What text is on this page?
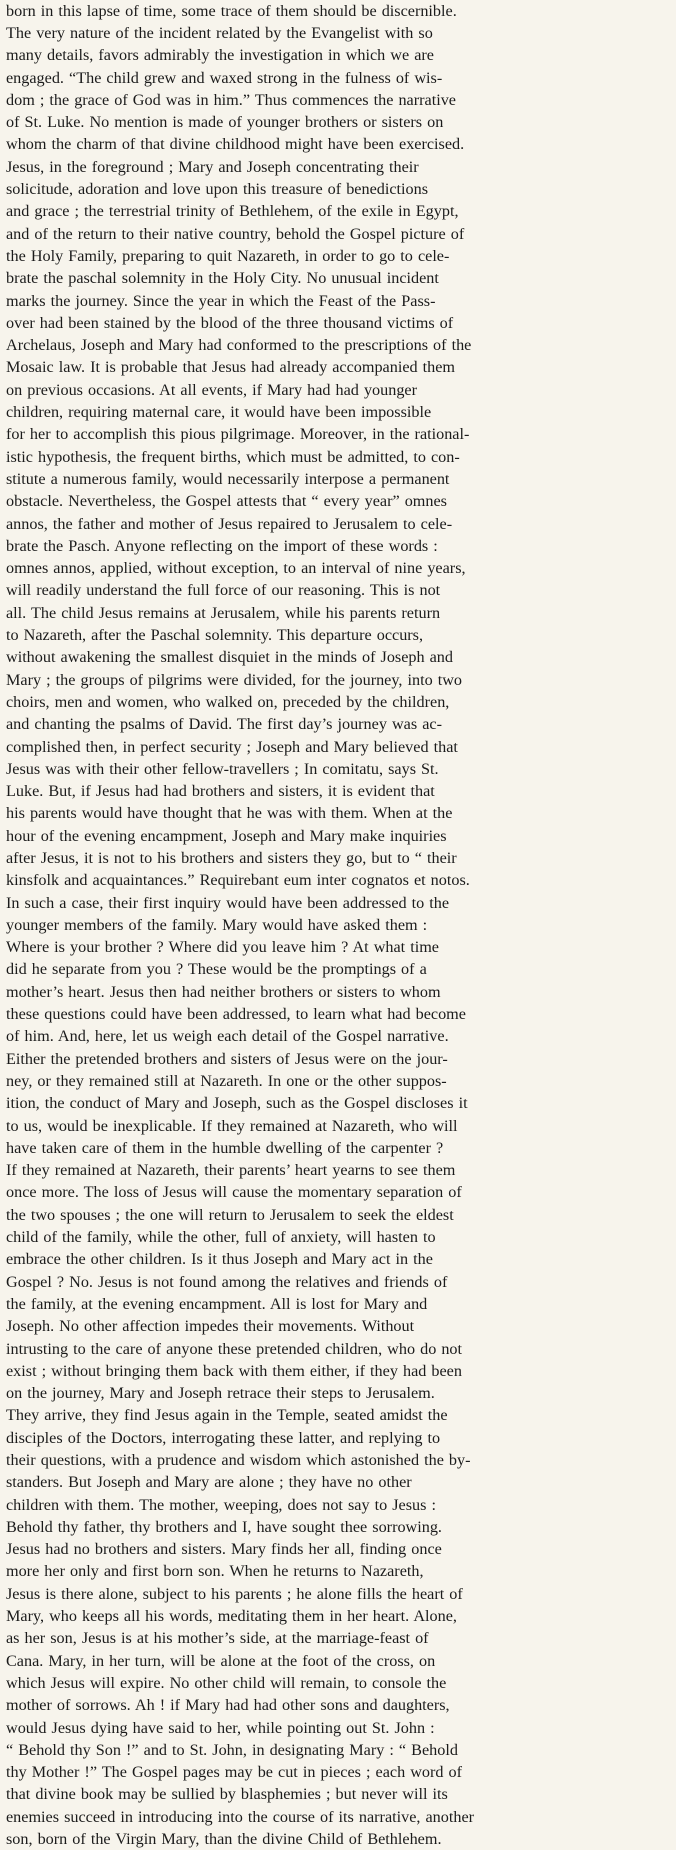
born in this lapse of time, some trace of them should be discernible.
The very nature of the incident related by the Evangelist with so
many details, favors admirably the investigation in which we are
engaged. “The child grew and waxed strong in the fulness of wis-
dom ; the grace of God was in him.” Thus commences the narrative
of St. Luke. No mention is made of younger brothers or sisters on
whom the charm of that divine childhood might have been exercised.
Jesus, in the foreground ; Mary and Joseph concentrating their
solicitude, adoration and love upon this treasure of benedictions
and grace ; the terrestrial trinity of Bethlehem, of the exile in Egypt,
and of the return to their native country, behold the Gospel picture of
the Holy Family, preparing to quit Nazareth, in order to go to cele-
brate the paschal solemnity in the Holy City. No unusual incident
marks the journey. Since the year in which the Feast of the Pass-
over had been stained by the blood of the three thousand victims of
Archelaus, Joseph and Mary had conformed to the prescriptions of the
Mosaic law. It is probable that Jesus had already accompanied them
on previous occasions. At all events, if Mary had had younger
children, requiring maternal care, it would have been impossible
for her to accomplish this pious pilgrimage. Moreover, in the rational-
istic hypothesis, the frequent births, which must be admitted, to con-
stitute a numerous family, would necessarily interpose a permanent
obstacle. Nevertheless, the Gospel attests that “ every year” omnes
annos, the father and mother of Jesus repaired to Jerusalem to cele-
brate the Pasch. Anyone reflecting on the import of these words :
omnes annos, applied, without exception, to an interval of nine years,
will readily understand the full force of our reasoning. This is not
all. The child Jesus remains at Jerusalem, while his parents return
to Nazareth, after the Paschal solemnity. This departure occurs,
without awakening the smallest disquiet in the minds of Joseph and
Mary ; the groups of pilgrims were divided, for the journey, into two
choirs, men and women, who walked on, preceded by the children,
and chanting the psalms of David. The first day’s journey was ac-
complished then, in perfect security ; Joseph and Mary believed that
Jesus was with their other fellow-travellers ; In comitatu, says St.
Luke. But, if Jesus had had brothers and sisters, it is evident that
his parents would have thought that he was with them. When at the
hour of the evening encampment, Joseph and Mary make inquiries
after Jesus, it is not to his brothers and sisters they go, but to “ their
kinsfolk and acquaintances.” Requirebant eum inter cognatos et notos.
In such a case, their first inquiry would have been addressed to the
younger members of the family. Mary would have asked them :
Where is your brother ? Where did you leave him ? At what time
did he separate from you ? These would be the promptings of a
mother’s heart. Jesus then had neither brothers or sisters to whom
these questions could have been addressed, to learn what had become
of him. And, here, let us weigh each detail of the Gospel narrative.
Either the pretended brothers and sisters of Jesus were on the jour-
ney, or they remained still at Nazareth. In one or the other suppos-
ition, the conduct of Mary and Joseph, such as the Gospel discloses it
to us, would be inexplicable. If they remained at Nazareth, who will
have taken care of them in the humble dwelling of the carpenter ?
If they remained at Nazareth, their parents’ heart yearns to see them
once more. The loss of Jesus will cause the momentary separation of
the two spouses ; the one will return to Jerusalem to seek the eldest
child of the family, while the other, full of anxiety, will hasten to
embrace the other children. Is it thus Joseph and Mary act in the
Gospel ? No. Jesus is not found among the relatives and friends of
the family, at the evening encampment. All is lost for Mary and
Joseph. No other affection impedes their movements. Without
intrusting to the care of anyone these pretended children, who do not
exist ; without bringing them back with them either, if they had been
on the journey, Mary and Joseph retrace their steps to Jerusalem.
They arrive, they find Jesus again in the Temple, seated amidst the
disciples of the Doctors, interrogating these latter, and replying to
their questions, with a prudence and wisdom which astonished the by-
standers. But Joseph and Mary are alone ; they have no other
children with them. The mother, weeping, does not say to Jesus :
Behold thy father, thy brothers and I, have sought thee sorrowing.
Jesus had no brothers and sisters. Mary finds her all, finding once
more her only and first born son. When he returns to Nazareth,
Jesus is there alone, subject to his parents ; he alone fills the heart of
Mary, who keeps all his words, meditating them in her heart. Alone,
as her son, Jesus is at his mother’s side, at the marriage-feast of
Cana. Mary, in her turn, will be alone at the foot of the cross, on
which Jesus will expire. No other child will remain, to console the
mother of sorrows. Ah ! if Mary had had other sons and daughters,
would Jesus dying have said to her, while pointing out St. John :
“ Behold thy Son !” and to St. John, in designating Mary : “ Behold
thy Mother !” The Gospel pages may be cut in pieces ; each word of
that divine book may be sullied by blasphemies ; but never will its
enemies succeed in introducing into the course of its narrative, another
son, born of the Virgin Mary, than the divine Child of Bethlehem.
